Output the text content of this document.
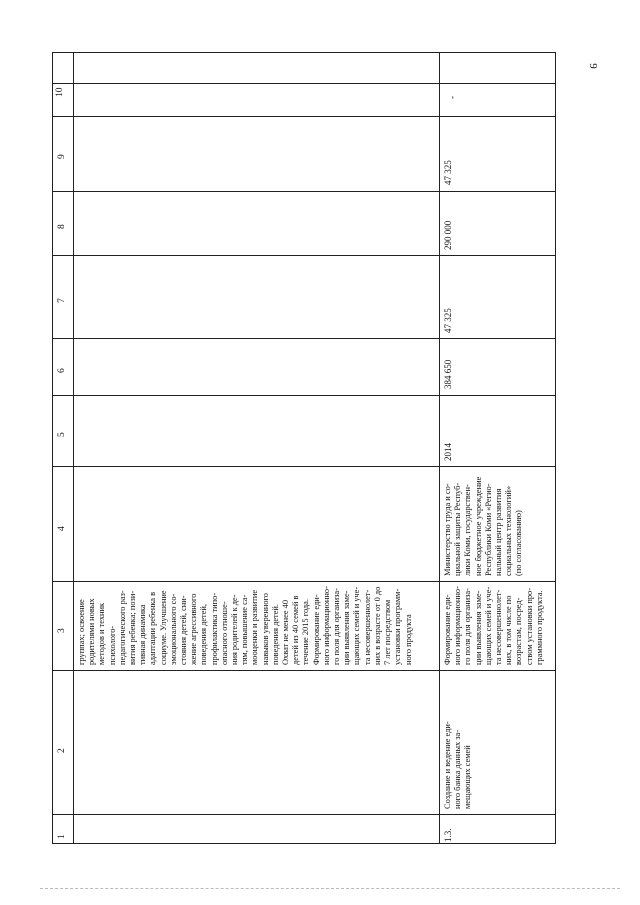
9
1
2
3
4
5
6
7
8
9
10
группах; освоение родителями новых методов и техник психолого- педагогического раз- вития ребенка; пози- тивная динамика адаптации ребенка в социуме. Улучшение эмоционального со- стояния детей, сни- жение агрессивного поведения детей, профилактика типо- опасного отноше- ния родителей к де- тям, повышение са- мооценки и развитие навыков уверенного поведения детей. Охват не менее 40 детей из 40 семей в течение 2015 года. Формирование еди- ного информационно- го поля для организа- ции выявления заме- щающих семей и уче- та несовершеннолет- них в возрасте от 0 до 7 лет посредством установки программ- ного продукта
1.3.
Создание и ведение еди- ного банка данных за- мещающих семей
Формирование еди- ного информационно- го поля для организа- ции выявления заме- щающих семей и уче- та несовершеннолет- них, в том числе по возрастам, посред- ством установки про- граммного продукта.
Министерство труда и со- циальной защиты Респуб- лики Коми, государствен- ное бюджетное учреждение Республики Коми «Регио- нальный центр развития социальных технологий» (по согласованию)
2014
384 650
47 325
290 000
47 325
-
